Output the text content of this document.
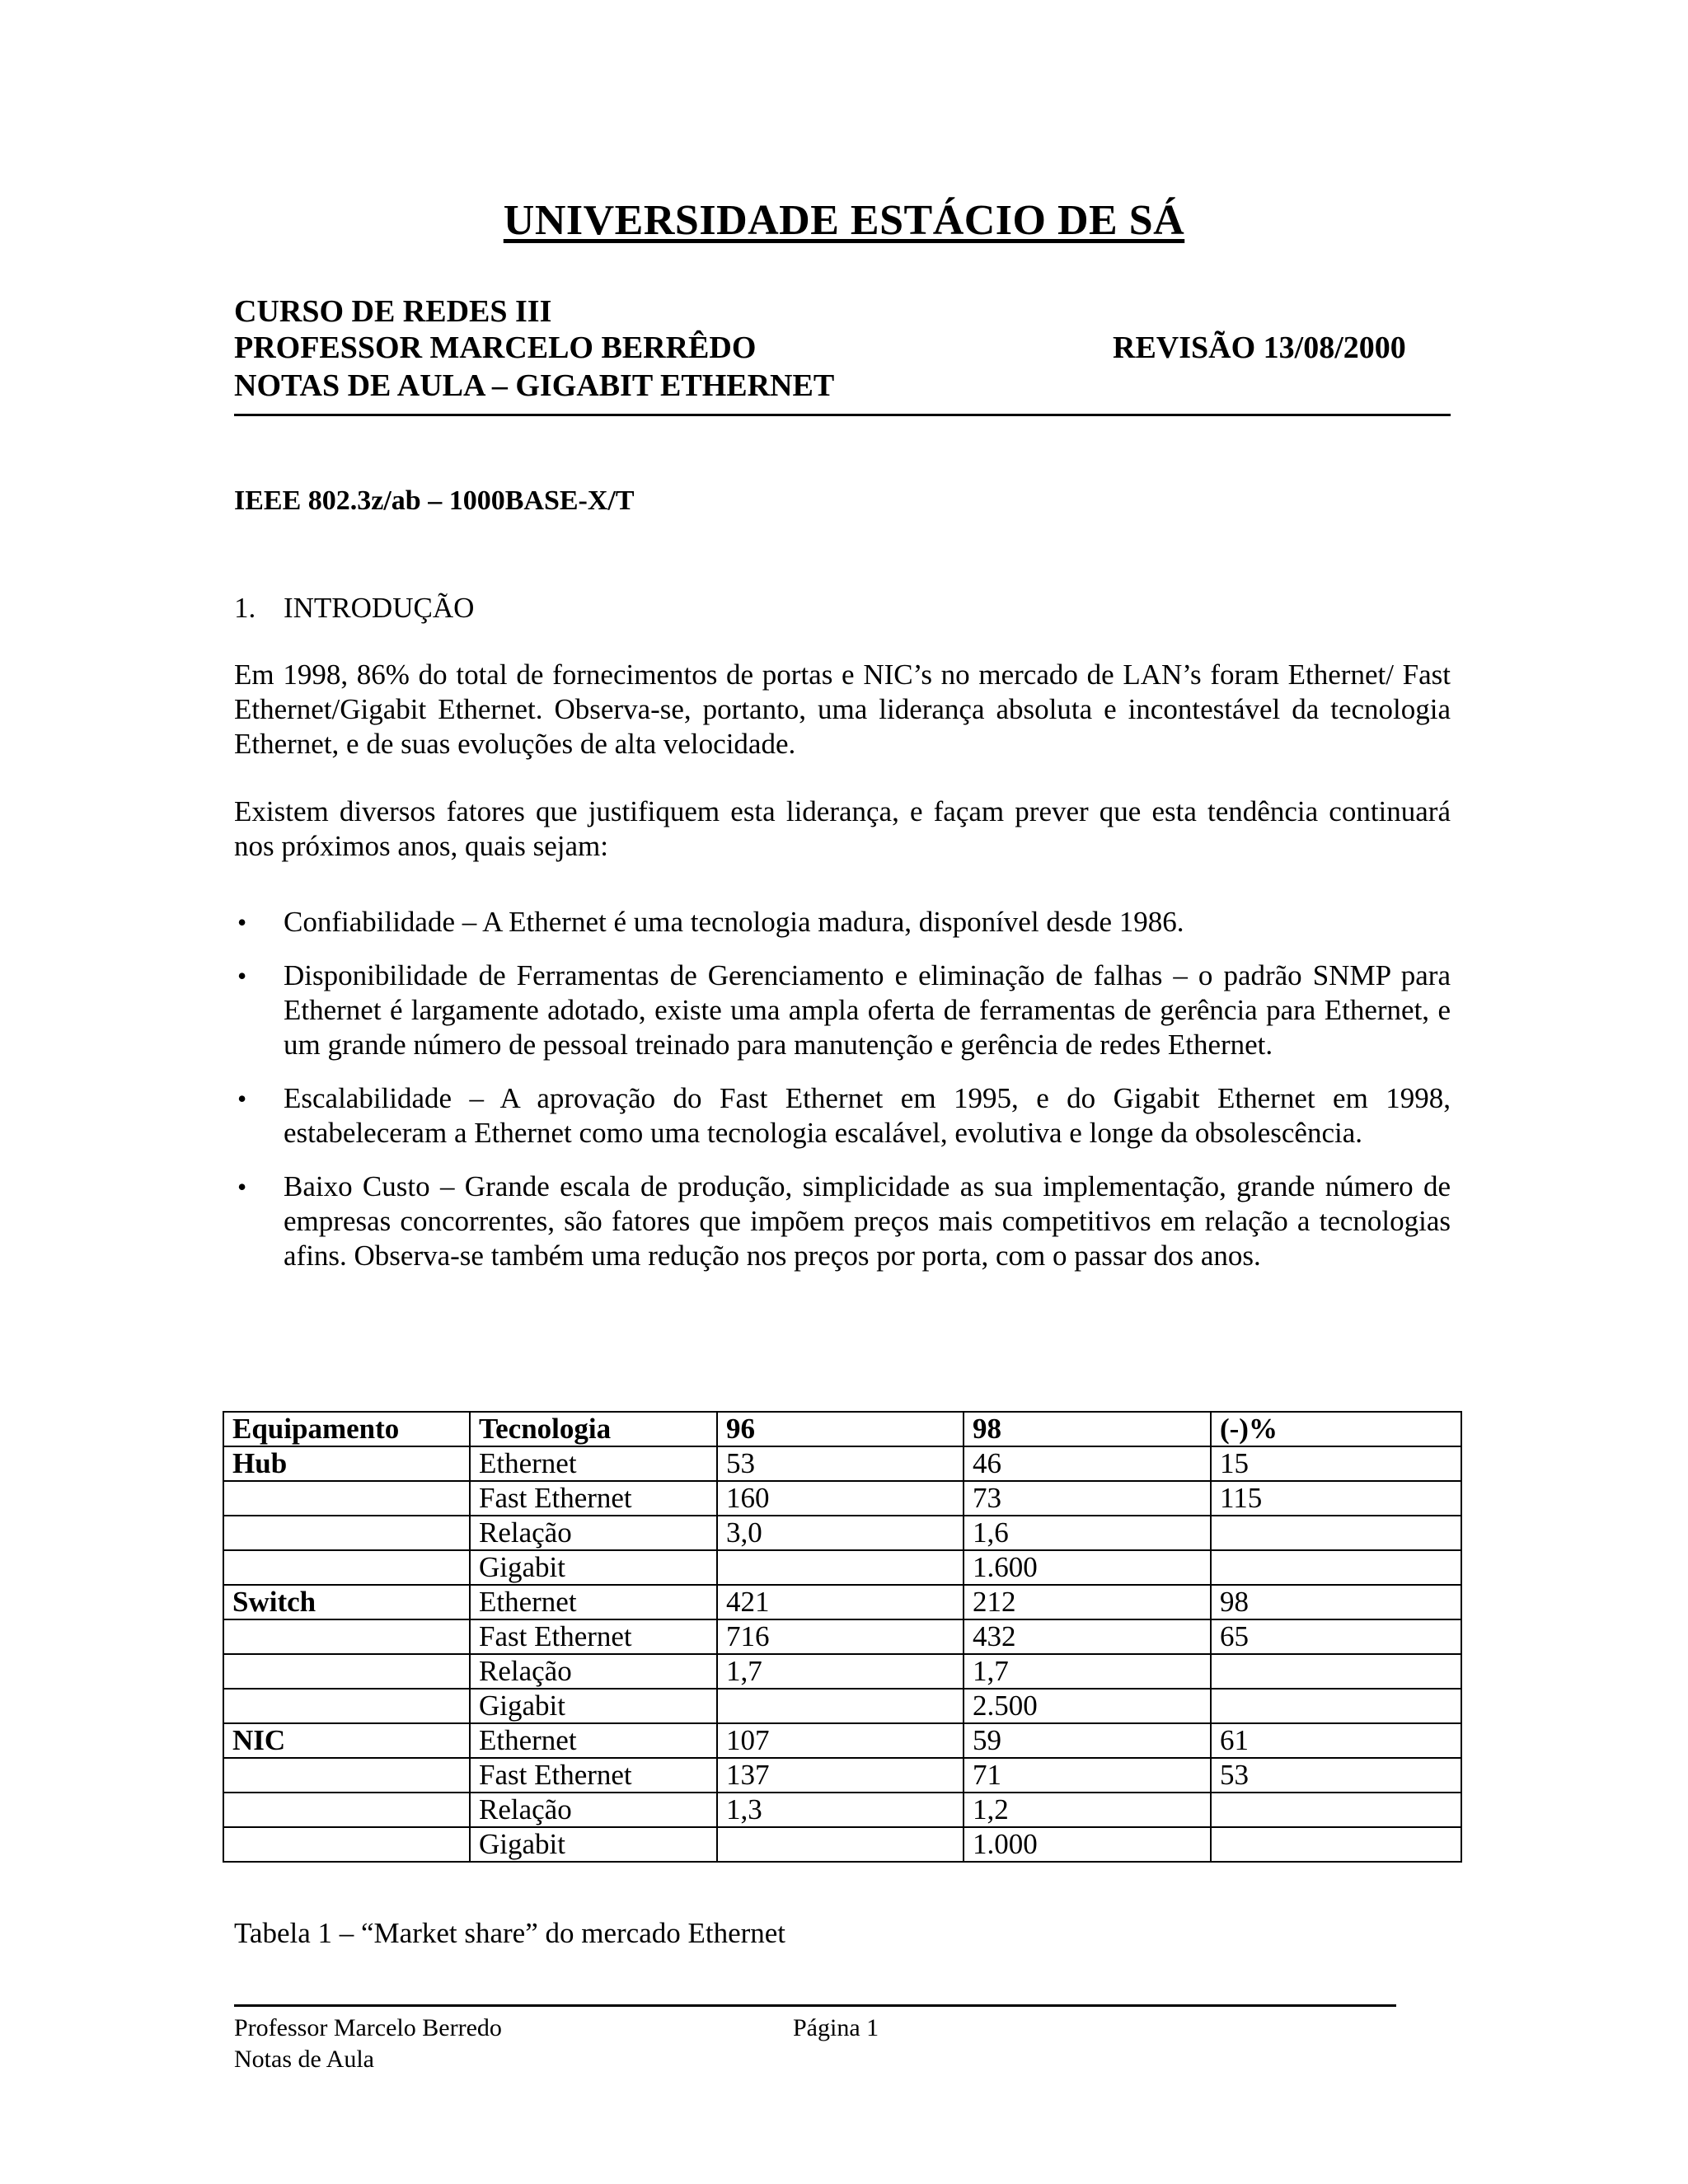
UNIVERSIDADE ESTÁCIO DE SÁ
CURSO DE REDES III
PROFESSOR MARCELO BERRÊDO	REVISÃO 13/08/2000
NOTAS DE AULA – GIGABIT ETHERNET
IEEE 802.3z/ab – 1000BASE-X/T
1. INTRODUÇÃO
Em 1998, 86% do total de fornecimentos de portas e NIC’s no mercado de LAN’s foram Ethernet/ Fast Ethernet/Gigabit Ethernet. Observa-se, portanto, uma liderança absoluta e incontestável da tecnologia Ethernet, e de suas evoluções de alta velocidade.
Existem diversos fatores que justifiquem esta liderança, e façam prever que esta tendência continuará nos próximos anos, quais sejam:
• Confiabilidade – A Ethernet é uma tecnologia madura, disponível desde 1986.
• Disponibilidade de Ferramentas de Gerenciamento e eliminação de falhas – o padrão SNMP para Ethernet é largamente adotado, existe uma ampla oferta de ferramentas de gerência para Ethernet, e um grande número de pessoal treinado para manutenção e gerência de redes Ethernet.
• Escalabilidade – A aprovação do Fast Ethernet em 1995, e do Gigabit Ethernet em 1998, estabeleceram a Ethernet como uma tecnologia escalável, evolutiva e longe da obsolescência.
• Baixo Custo – Grande escala de produção, simplicidade as sua implementação, grande número de empresas concorrentes, são fatores que impõem preços mais competitivos em relação a tecnologias afins. Observa-se também uma redução nos preços por porta, com o passar dos anos.
Equipamento	Tecnologia	96	98	(-)%
Hub	Ethernet	53	46	15
	Fast Ethernet	160	73	115
	Relação	3,0	1,6	
	Gigabit		1.600	
Switch	Ethernet	421	212	98
	Fast Ethernet	716	432	65
	Relação	1,7	1,7	
	Gigabit		2.500	
NIC	Ethernet	107	59	61
	Fast Ethernet	137	71	53
	Relação	1,3	1,2	
	Gigabit		1.000	
Tabela 1 – “Market share” do mercado Ethernet
Professor Marcelo Berredo
Notas de Aula
Página 1
